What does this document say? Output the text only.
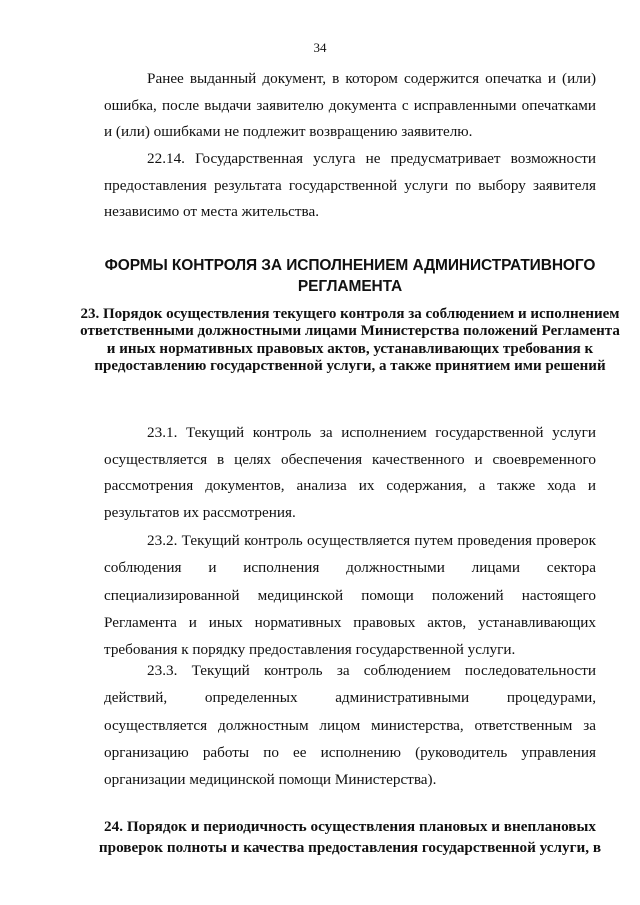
34

Ранее выданный документ, в котором содержится опечатка и (или) ошибка, после выдачи заявителю документа с исправленными опечатками и (или) ошибками не подлежит возвращению заявителю.

22.14. Государственная услуга не предусматривает возможности предоставления результата государственной услуги по выбору заявителя независимо от места жительства.

ФОРМЫ КОНТРОЛЯ ЗА ИСПОЛНЕНИЕМ АДМИНИСТРАТИВНОГО РЕГЛАМЕНТА
23. Порядок осуществления текущего контроля за соблюдением и исполнением ответственными должностными лицами Министерства положений Регламента и иных нормативных правовых актов, устанавливающих требования к предоставлению государственной услуги, а также принятием ими решений

23.1. Текущий контроль за исполнением государственной услуги осуществляется в целях обеспечения качественного и своевременного рассмотрения документов, анализа их содержания, а также хода и результатов их рассмотрения.

23.2. Текущий контроль осуществляется путем проведения проверок соблюдения и исполнения должностными лицами сектора специализированной медицинской помощи положений настоящего Регламента и иных нормативных правовых актов, устанавливающих требования к порядку предоставления государственной услуги.

23.3. Текущий контроль за соблюдением последовательности действий, определенных административными процедурами, осуществляется должностным лицом министерства, ответственным за организацию работы по ее исполнению (руководитель управления организации медицинской помощи Министерства).

24. Порядок и периодичность осуществления плановых и внеплановых проверок полноты и качества предоставления государственной услуги, в
